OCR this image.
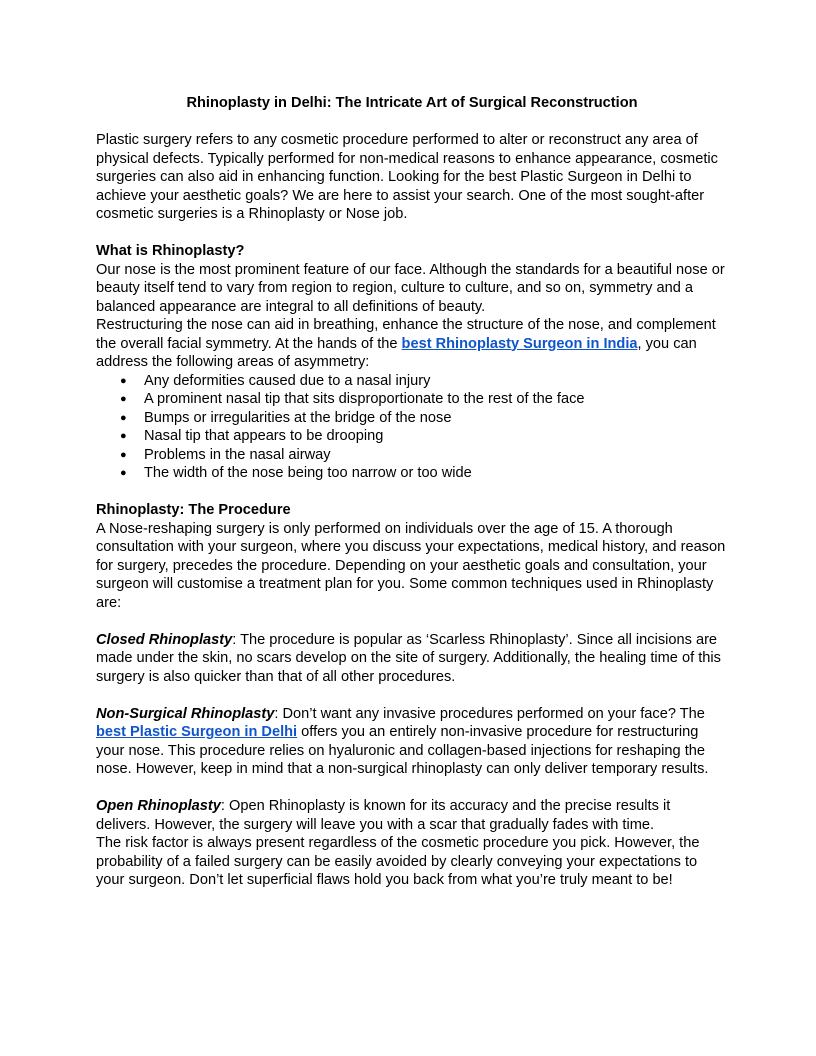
Rhinoplasty in Delhi: The Intricate Art of Surgical Reconstruction

Plastic surgery refers to any cosmetic procedure performed to alter or reconstruct any area of physical defects. Typically performed for non-medical reasons to enhance appearance, cosmetic surgeries can also aid in enhancing function. Looking for the best Plastic Surgeon in Delhi to achieve your aesthetic goals? We are here to assist your search. One of the most sought-after cosmetic surgeries is a Rhinoplasty or Nose job.

What is Rhinoplasty?

Our nose is the most prominent feature of our face. Although the standards for a beautiful nose or beauty itself tend to vary from region to region, culture to culture, and so on, symmetry and a balanced appearance are integral to all definitions of beauty.

Restructuring the nose can aid in breathing, enhance the structure of the nose, and complement the overall facial symmetry. At the hands of the best Rhinoplasty Surgeon in India, you can address the following areas of asymmetry:

● Any deformities caused due to a nasal injury
● A prominent nasal tip that sits disproportionate to the rest of the face
● Bumps or irregularities at the bridge of the nose
● Nasal tip that appears to be drooping
● Problems in the nasal airway
● The width of the nose being too narrow or too wide

Rhinoplasty: The Procedure

A Nose-reshaping surgery is only performed on individuals over the age of 15. A thorough consultation with your surgeon, where you discuss your expectations, medical history, and reason for surgery, precedes the procedure. Depending on your aesthetic goals and consultation, your surgeon will customise a treatment plan for you. Some common techniques used in Rhinoplasty are:

Closed Rhinoplasty: The procedure is popular as ‘Scarless Rhinoplasty’. Since all incisions are made under the skin, no scars develop on the site of surgery. Additionally, the healing time of this surgery is also quicker than that of all other procedures.

Non-Surgical Rhinoplasty: Don’t want any invasive procedures performed on your face? The best Plastic Surgeon in Delhi offers you an entirely non-invasive procedure for restructuring your nose. This procedure relies on hyaluronic and collagen-based injections for reshaping the nose. However, keep in mind that a non-surgical rhinoplasty can only deliver temporary results.

Open Rhinoplasty: Open Rhinoplasty is known for its accuracy and the precise results it delivers. However, the surgery will leave you with a scar that gradually fades with time.

The risk factor is always present regardless of the cosmetic procedure you pick. However, the probability of a failed surgery can be easily avoided by clearly conveying your expectations to your surgeon. Don’t let superficial flaws hold you back from what you’re truly meant to be!
